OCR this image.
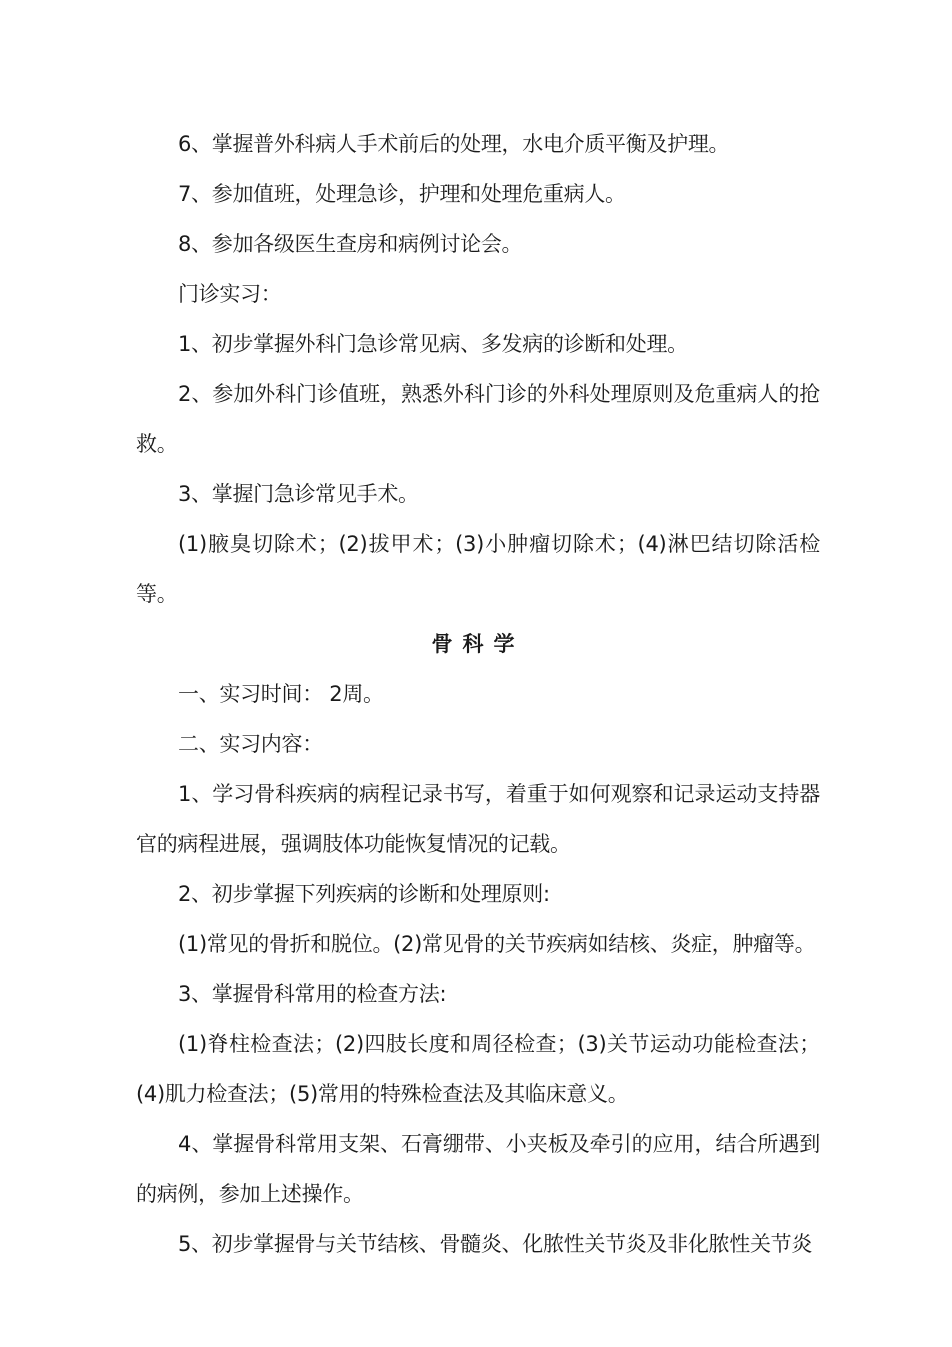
6、掌握普外科病人手术前后的处理，水电介质平衡及护理。

7、参加值班，处理急诊，护理和处理危重病人。

8、参加各级医生查房和病例讨论会。

门诊实习：

1、初步掌握外科门急诊常见病、多发病的诊断和处理。

2、参加外科门诊值班，熟悉外科门诊的外科处理原则及危重病人的抢救。

3、掌握门急诊常见手术。

(1)腋臭切除术；(2)拔甲术；(3)小肿瘤切除术；(4)淋巴结切除活检等。

骨科学

一、实习时间： 2周。

二、实习内容：

1、学习骨科疾病的病程记录书写，着重于如何观察和记录运动支持器官的病程进展，强调肢体功能恢复情况的记载。

2、初步掌握下列疾病的诊断和处理原则:

(1)常见的骨折和脱位。(2)常见骨的关节疾病如结核、炎症，肿瘤等。

3、掌握骨科常用的检查方法:

(1)脊柱检查法；(2)四肢长度和周径检查；(3)关节运动功能检查法；(4)肌力检查法；(5)常用的特殊检查法及其临床意义。

4、掌握骨科常用支架、石膏绷带、小夹板及牵引的应用，结合所遇到的病例，参加上述操作。

5、初步掌握骨与关节结核、骨髓炎、化脓性关节炎及非化脓性关节炎
